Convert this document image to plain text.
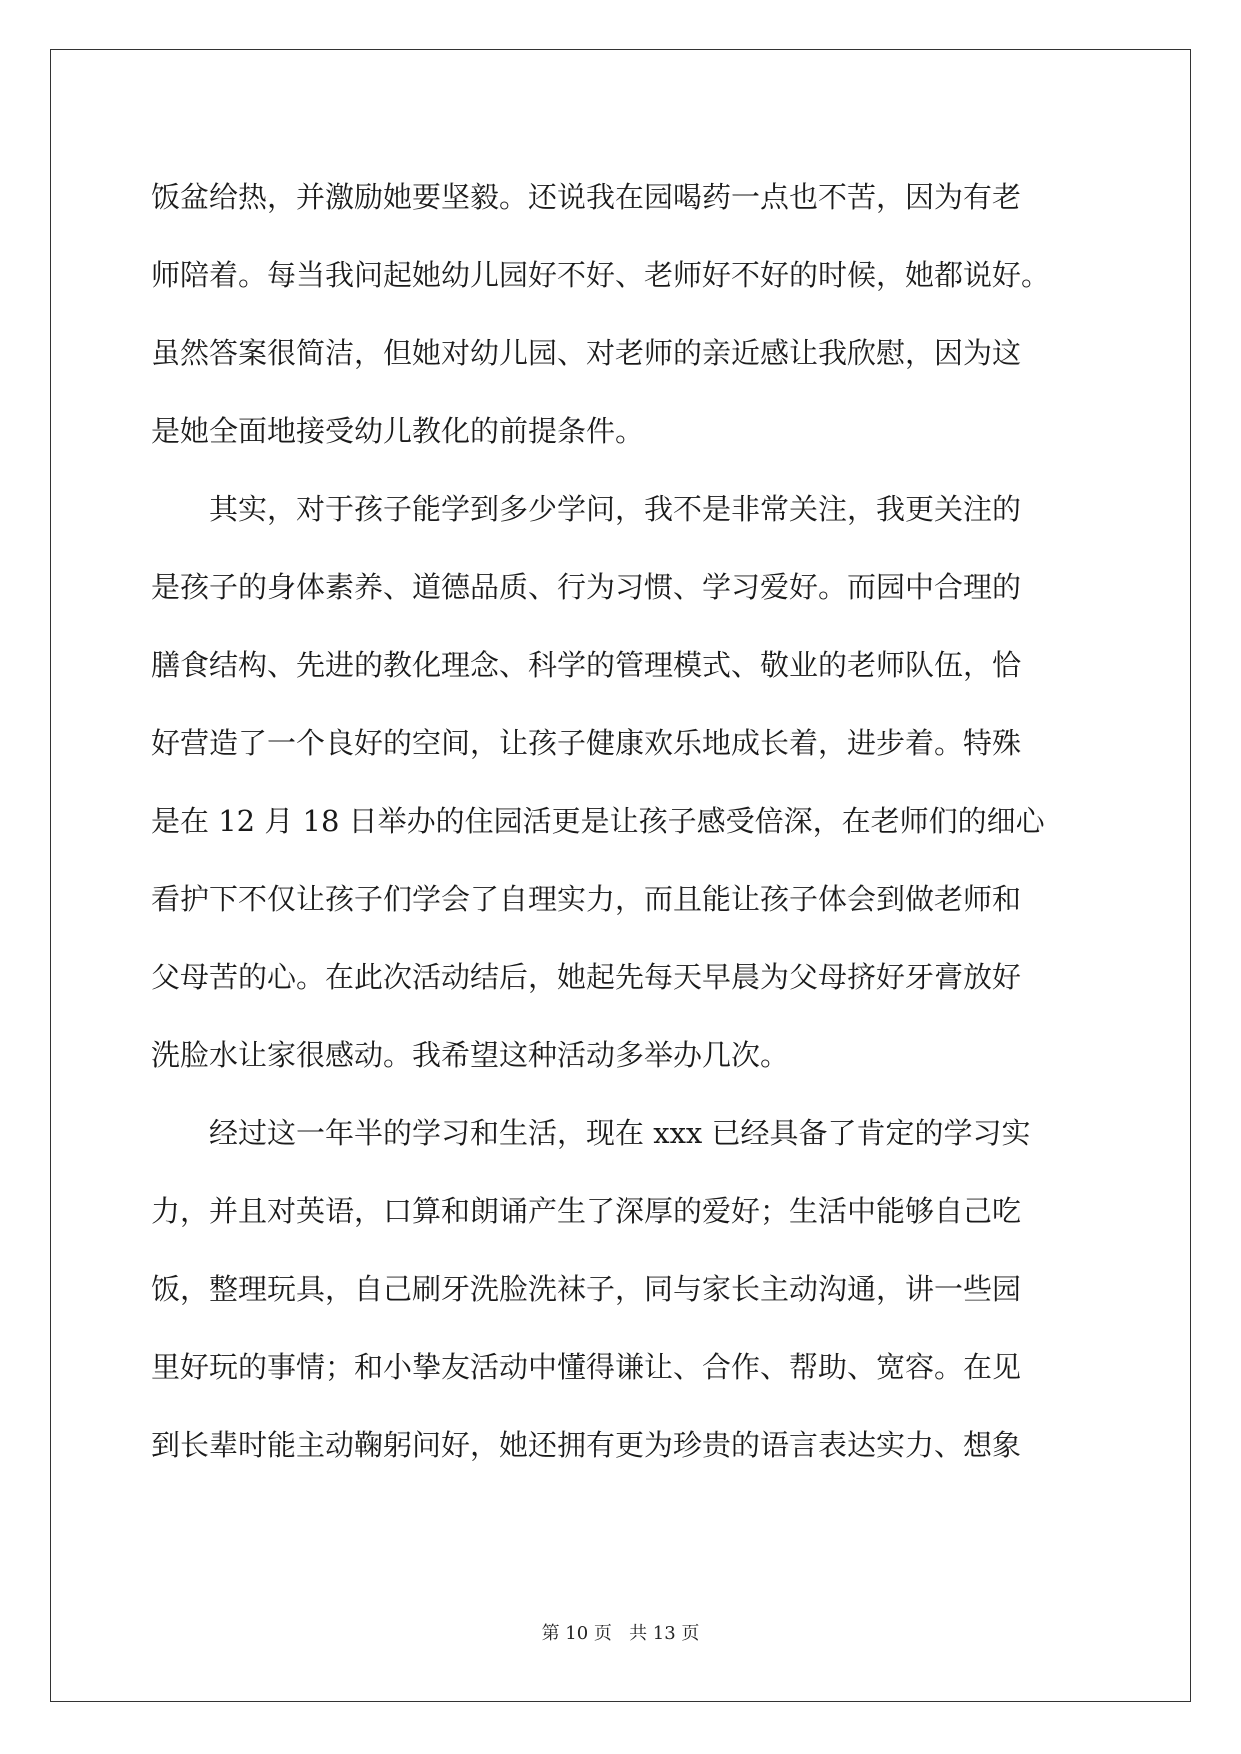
饭盆给热，并激励她要坚毅。还说我在园喝药一点也不苦，因为有老
师陪着。每当我问起她幼儿园好不好、老师好不好的时候，她都说好。
虽然答案很简洁，但她对幼儿园、对老师的亲近感让我欣慰，因为这
是她全面地接受幼儿教化的前提条件。
　　其实，对于孩子能学到多少学问，我不是非常关注，我更关注的
是孩子的身体素养、道德品质、行为习惯、学习爱好。而园中合理的
膳食结构、先进的教化理念、科学的管理模式、敬业的老师队伍，恰
好营造了一个良好的空间，让孩子健康欢乐地成长着，进步着。特殊
是在 12 月 18 日举办的住园活更是让孩子感受倍深，在老师们的细心
看护下不仅让孩子们学会了自理实力，而且能让孩子体会到做老师和
父母苦的心。在此次活动结后，她起先每天早晨为父母挤好牙膏放好
洗脸水让家很感动。我希望这种活动多举办几次。
　　经过这一年半的学习和生活，现在 xxx 已经具备了肯定的学习实
力，并且对英语，口算和朗诵产生了深厚的爱好；生活中能够自己吃
饭，整理玩具，自己刷牙洗脸洗袜子，同与家长主动沟通，讲一些园
里好玩的事情；和小挚友活动中懂得谦让、合作、帮助、宽容。在见
到长辈时能主动鞠躬问好，她还拥有更为珍贵的语言表达实力、想象
第 10 页   共 13 页
